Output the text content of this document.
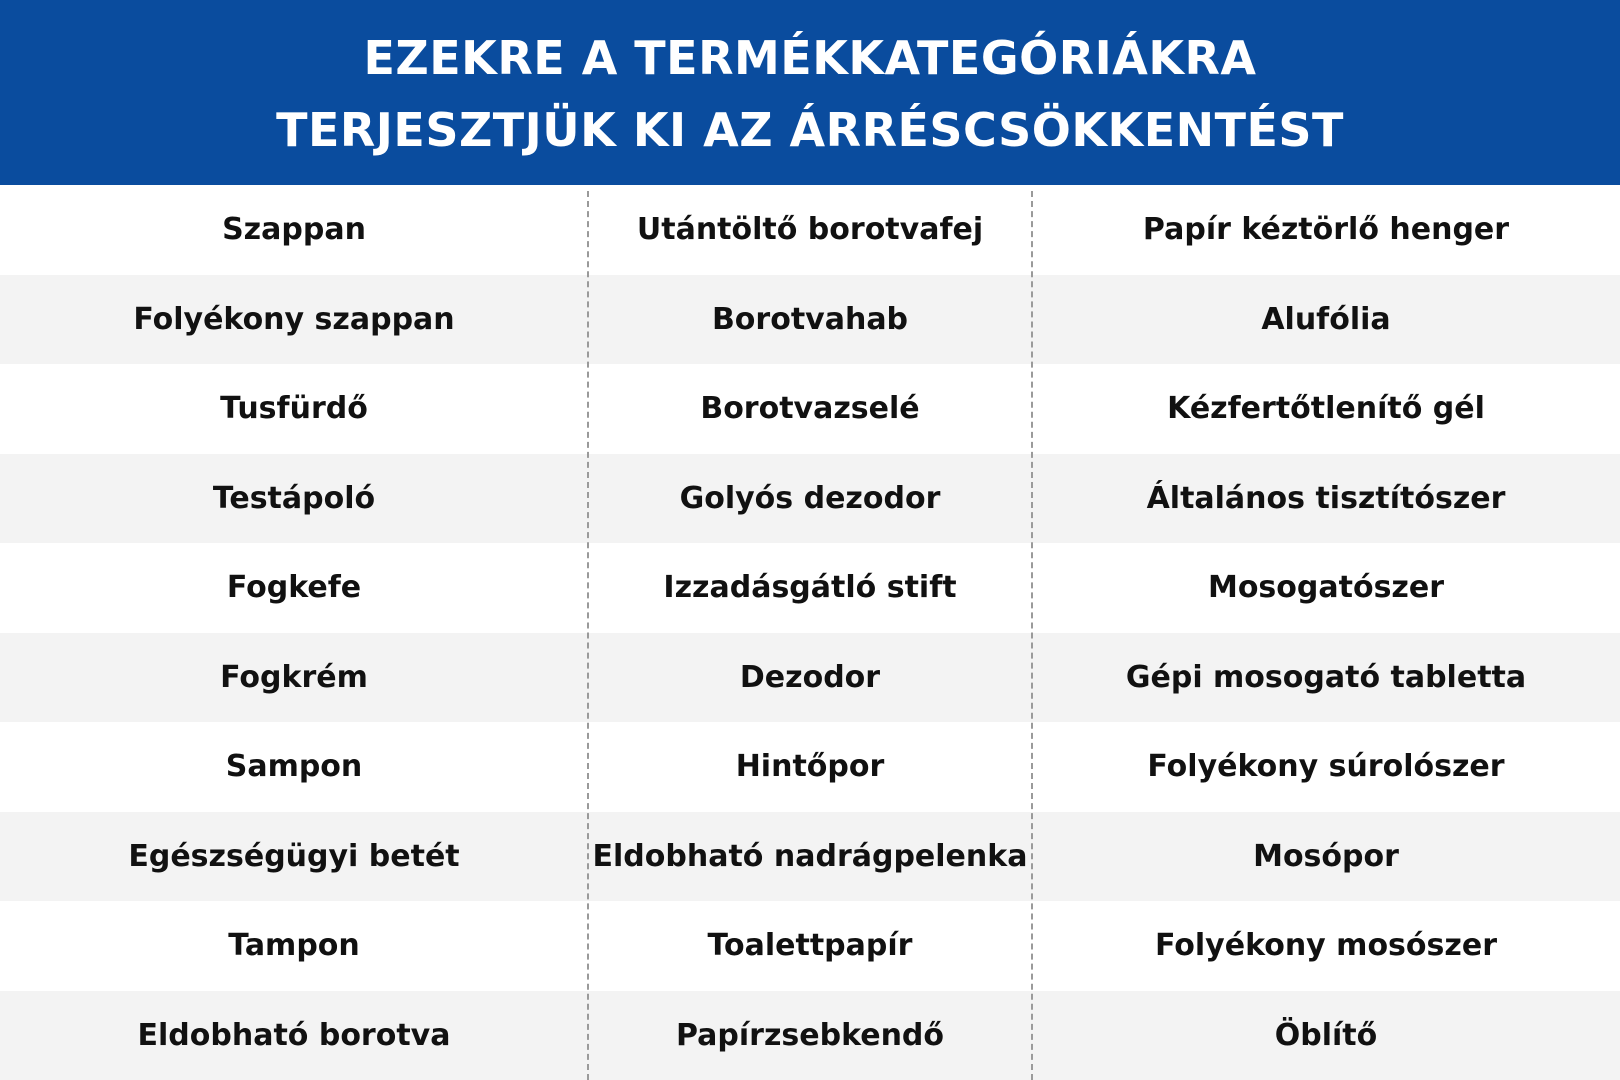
EZEKRE A TERMÉKKATEGÓRIÁKRA
TERJESZTJÜK KI AZ ÁRRÉSCSÖKKENTÉST
Szappan	Utántöltő borotvafej	Papír kéztörlő henger
Folyékony szappan	Borotvahab	Alufólia
Tusfürdő	Borotvazselé	Kézfertőtlenítő gél
Testápoló	Golyós dezodor	Általános tisztítószer
Fogkefe	Izzadásgátló stift	Mosogatószer
Fogkrém	Dezodor	Gépi mosogató tabletta
Sampon	Hintőpor	Folyékony súrolószer
Egészségügyi betét	Eldobható nadrágpelenka	Mosópor
Tampon	Toalettpapír	Folyékony mosószer
Eldobható borotva	Papírzsebkendő	Öblítő
